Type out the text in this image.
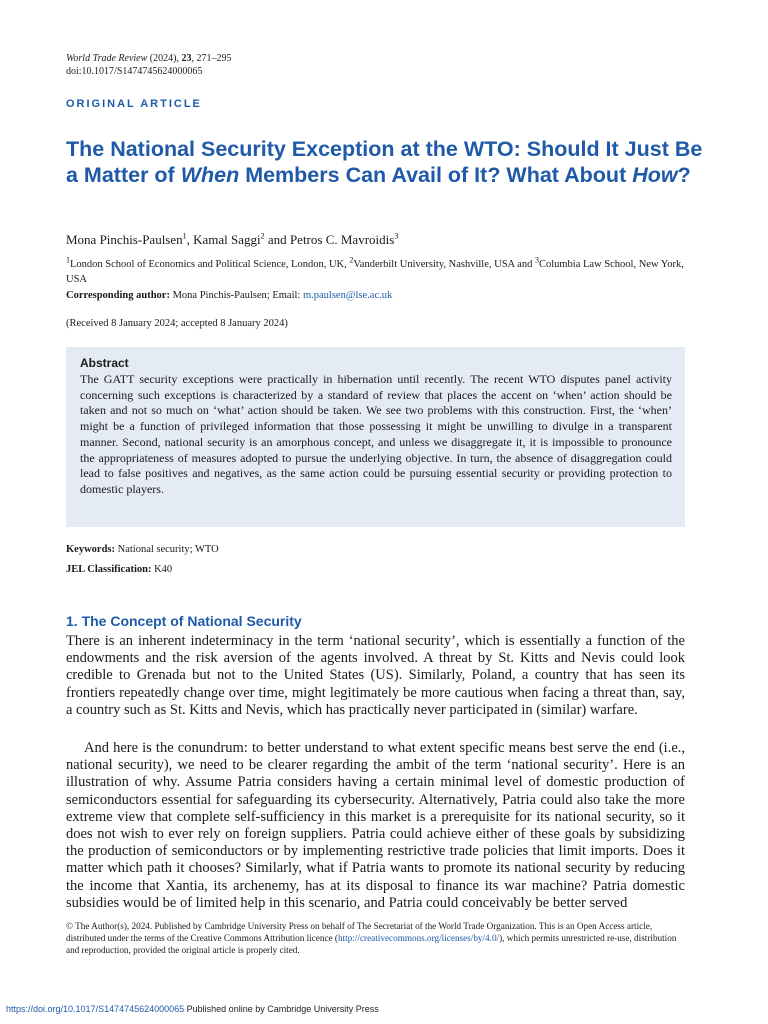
World Trade Review (2024), 23, 271–295
doi:10.1017/S1474745624000065
ORIGINAL ARTICLE
The National Security Exception at the WTO: Should It Just Be a Matter of When Members Can Avail of It? What About How?
Mona Pinchis-Paulsen$^1$, Kamal Saggi$^2$ and Petros C. Mavroidis$^3$
$^1$London School of Economics and Political Science, London, UK, $^2$Vanderbilt University, Nashville, USA and $^3$Columbia Law School, New York, USA
Corresponding author: Mona Pinchis-Paulsen; Email: m.paulsen@lse.ac.uk
(Received 8 January 2024; accepted 8 January 2024)
Abstract
The GATT security exceptions were practically in hibernation until recently. The recent WTO disputes panel activity concerning such exceptions is characterized by a standard of review that places the accent on ‘when’ action should be taken and not so much on ‘what’ action should be taken. We see two problems with this construction. First, the ‘when’ might be a function of privileged information that those possessing it might be unwilling to divulge in a transparent manner. Second, national security is an amorphous concept, and unless we disaggregate it, it is impossible to pronounce the appropriateness of measures adopted to pursue the underlying objective. In turn, the absence of disaggregation could lead to false positives and negatives, as the same action could be pursuing essential security or providing protection to domestic players.
Keywords: National security; WTO
JEL Classification: K40
1. The Concept of National Security
There is an inherent indeterminacy in the term ‘national security’, which is essentially a function of the endowments and the risk aversion of the agents involved. A threat by St. Kitts and Nevis could look credible to Grenada but not to the United States (US). Similarly, Poland, a country that has seen its frontiers repeatedly change over time, might legitimately be more cautious when facing a threat than, say, a country such as St. Kitts and Nevis, which has practically never participated in (similar) warfare.
And here is the conundrum: to better understand to what extent specific means best serve the end (i.e., national security), we need to be clearer regarding the ambit of the term ‘national security’. Here is an illustration of why. Assume Patria considers having a certain minimal level of domestic production of semiconductors essential for safeguarding its cybersecurity. Alternatively, Patria could also take the more extreme view that complete self-sufficiency in this market is a prerequisite for its national security, so it does not wish to ever rely on foreign suppliers. Patria could achieve either of these goals by subsidizing the production of semiconductors or by implementing restrictive trade policies that limit imports. Does it matter which path it chooses? Similarly, what if Patria wants to promote its national security by reducing the income that Xantia, its archenemy, has at its disposal to finance its war machine? Patria domestic subsidies would be of limited help in this scenario, and Patria could conceivably be better served
© The Author(s), 2024. Published by Cambridge University Press on behalf of The Secretariat of the World Trade Organization. This is an Open Access article, distributed under the terms of the Creative Commons Attribution licence (http://creativecommons.org/licenses/by/4.0/), which permits unrestricted re-use, distribution and reproduction, provided the original article is properly cited.
https://doi.org/10.1017/S1474745624000065 Published online by Cambridge University Press
